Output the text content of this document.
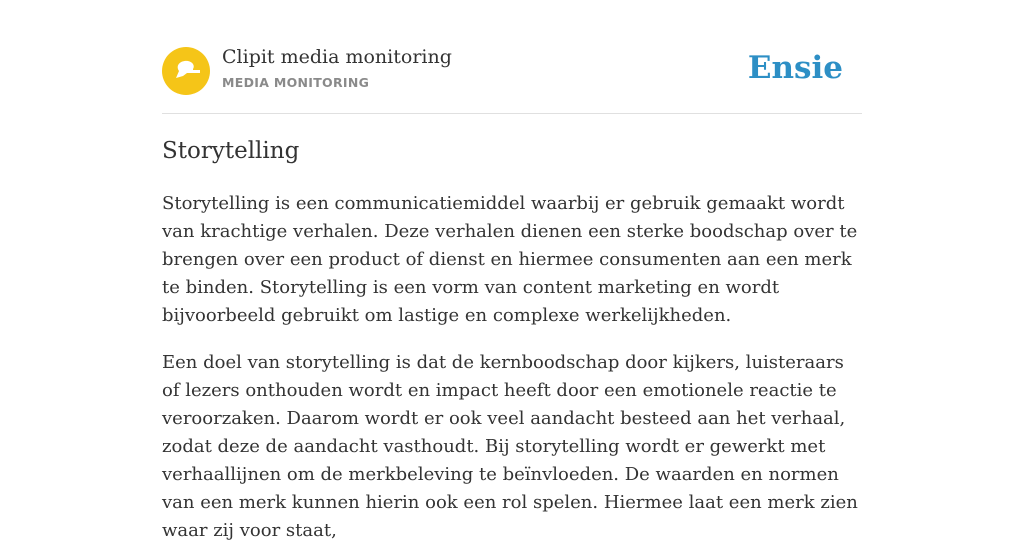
Clipit media monitoring
MEDIA MONITORING	Ensie
Storytelling

Storytelling is een communicatiemiddel waarbij er gebruik gemaakt wordt van krachtige verhalen. Deze verhalen dienen een sterke boodschap over te brengen over een product of dienst en hiermee consumenten aan een merk te binden. Storytelling is een vorm van content marketing en wordt bijvoorbeeld gebruikt om lastige en complexe werkelijkheden.

Een doel van storytelling is dat de kernboodschap door kijkers, luisteraars of lezers onthouden wordt en impact heeft door een emotionele reactie te veroorzaken. Daarom wordt er ook veel aandacht besteed aan het verhaal, zodat deze de aandacht vasthoudt. Bij storytelling wordt er gewerkt met verhaallijnen om de merkbeleving te beïnvloeden. De waarden en normen van een merk kunnen hierin ook een rol spelen. Hiermee laat een merk zien waar zij voor staat,
